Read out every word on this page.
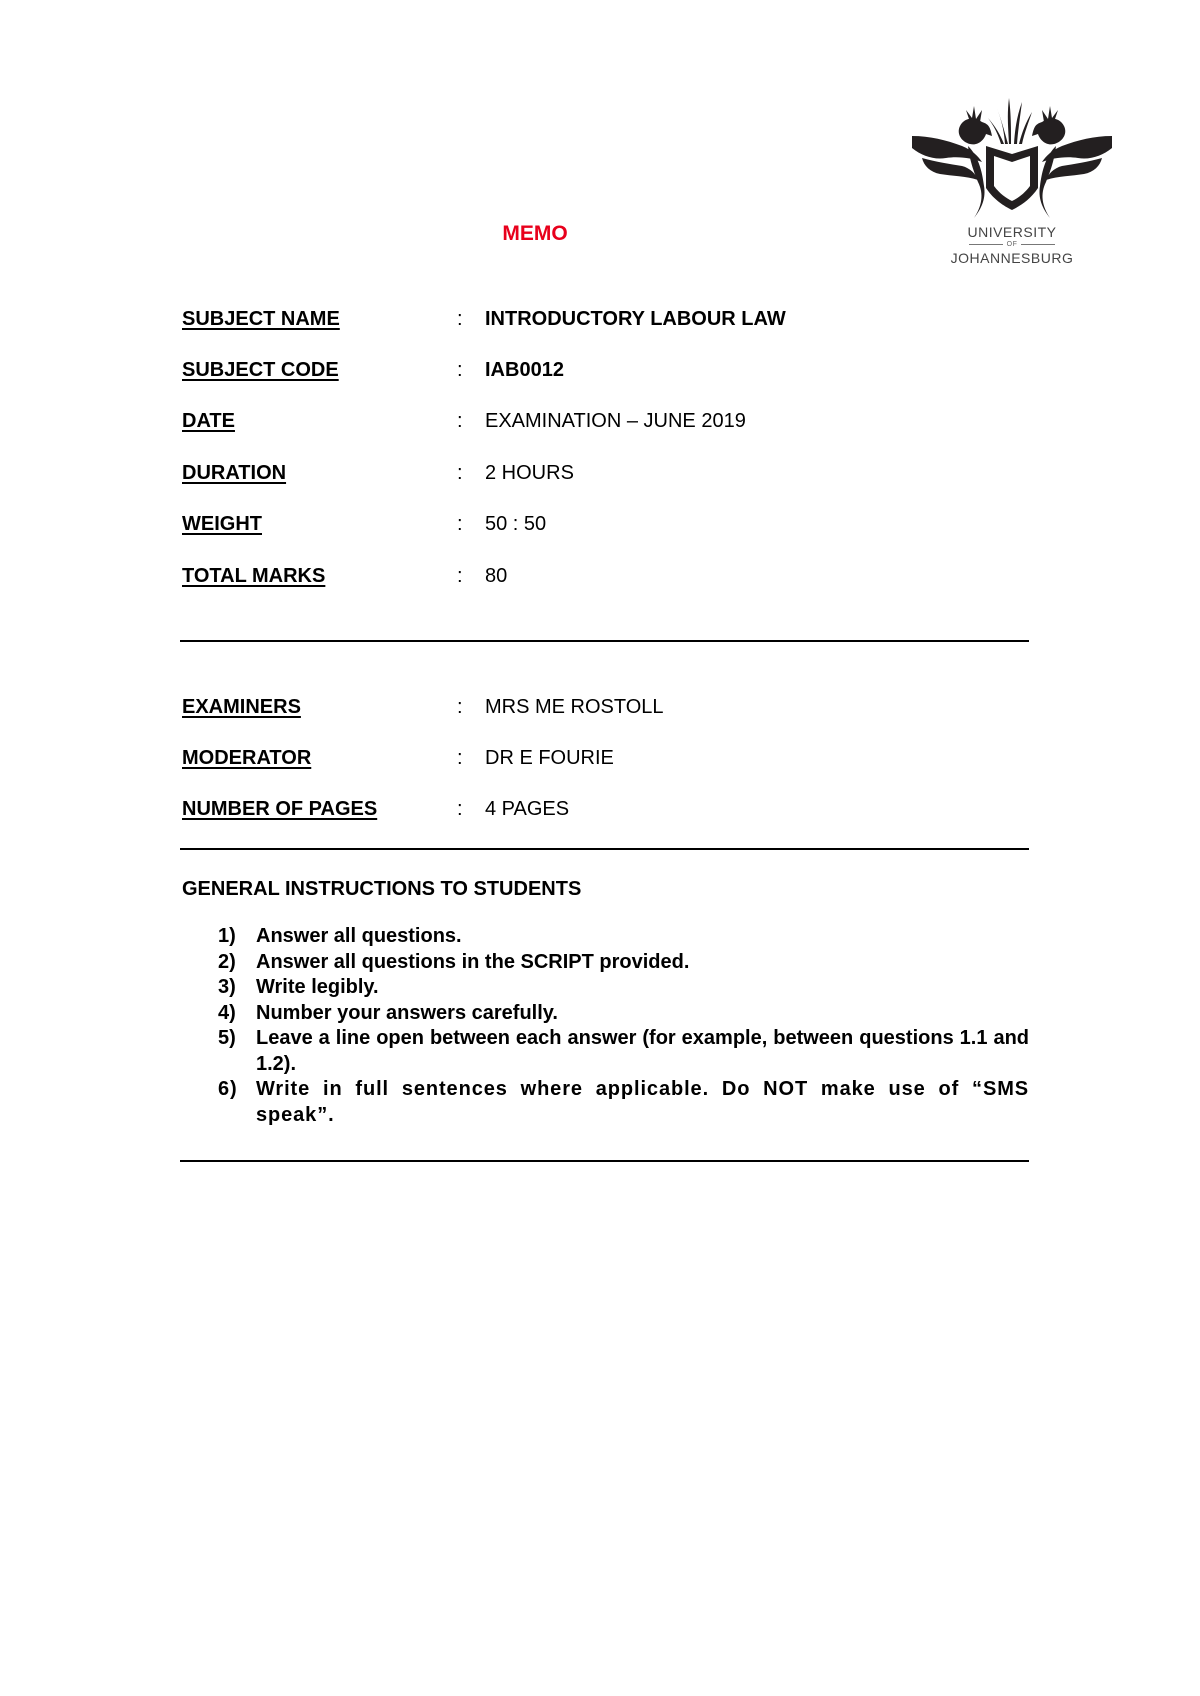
UNIVERSITY
OF
JOHANNESBURG
MEMO
SUBJECT NAME	: INTRODUCTORY LABOUR LAW
SUBJECT CODE	: IAB0012
DATE	: EXAMINATION – JUNE 2019
DURATION	: 2 HOURS
WEIGHT	: 50 : 50
TOTAL MARKS	: 80
EXAMINERS	: MRS ME ROSTOLL
MODERATOR	: DR E FOURIE
NUMBER OF PAGES	: 4 PAGES
GENERAL INSTRUCTIONS TO STUDENTS
1) Answer all questions.
2) Answer all questions in the SCRIPT provided.
3) Write legibly.
4) Number your answers carefully.
5) Leave a line open between each answer (for example, between questions 1.1 and 1.2).
6) Write in full sentences where applicable. Do NOT make use of “SMS speak”.
